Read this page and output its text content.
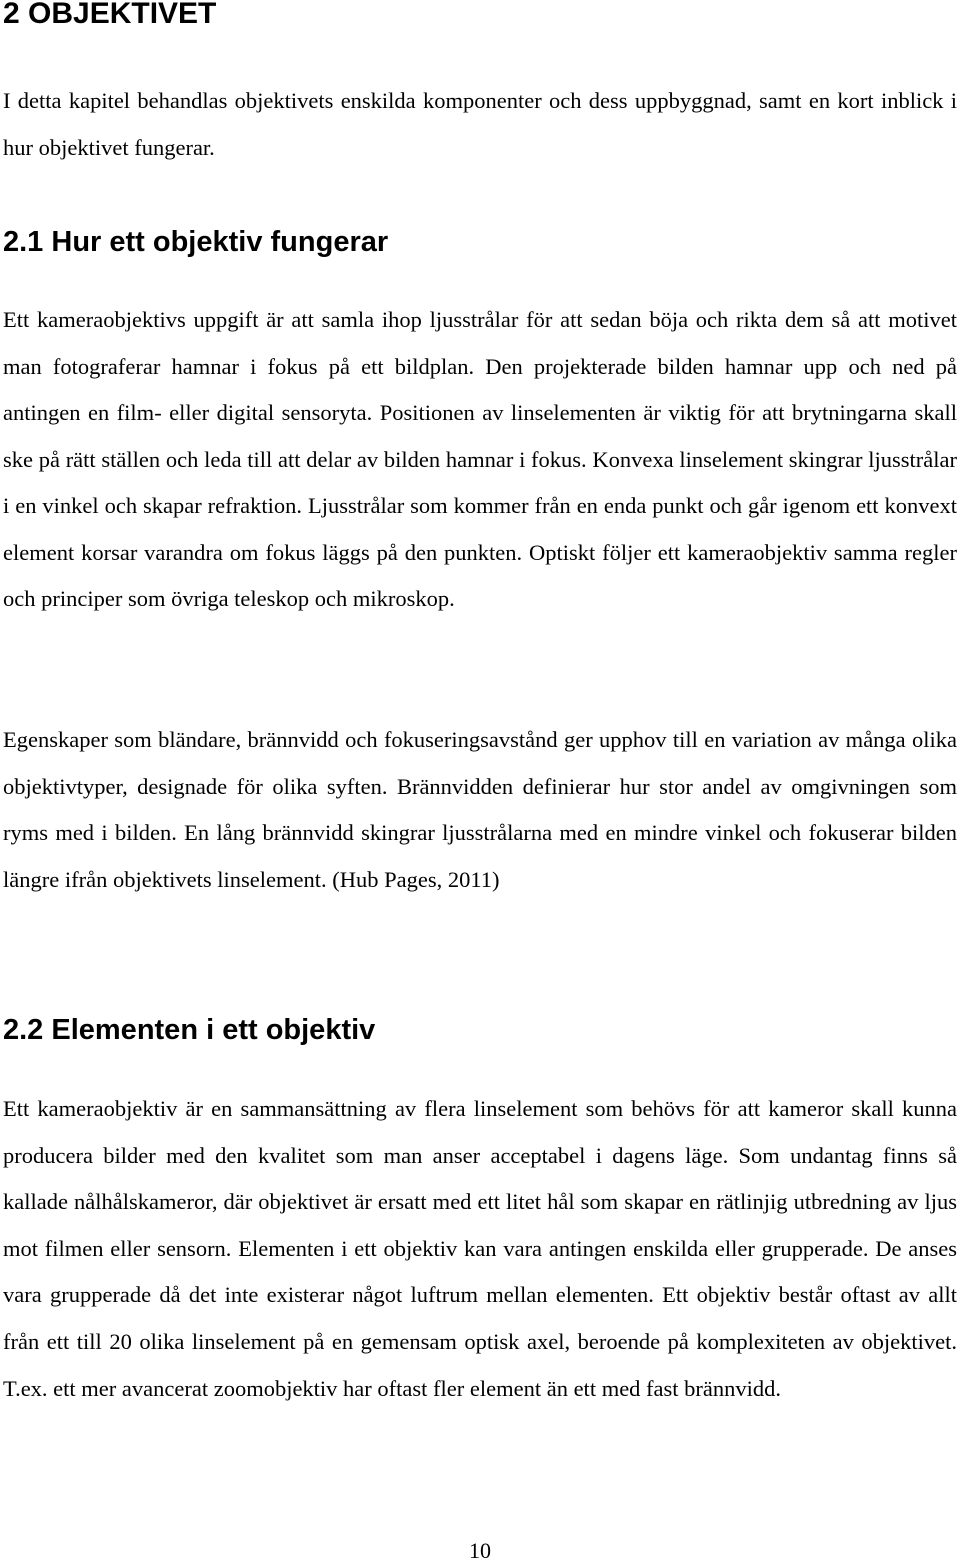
2 OBJEKTIVET

I detta kapitel behandlas objektivets enskilda komponenter och dess uppbyggnad, samt en kort inblick i hur objektivet fungerar.

2.1 Hur ett objektiv fungerar

Ett kameraobjektivs uppgift är att samla ihop ljusstrålar för att sedan böja och rikta dem så att motivet man fotograferar hamnar i fokus på ett bildplan. Den projekterade bilden hamnar upp och ned på antingen en film- eller digital sensoryta. Positionen av linselementen är viktig för att brytningarna skall ske på rätt ställen och leda till att delar av bilden hamnar i fokus. Konvexa linselement skingrar ljusstrålar i en vinkel och skapar refraktion. Ljusstrålar som kommer från en enda punkt och går igenom ett konvext element korsar varandra om fokus läggs på den punkten. Optiskt följer ett kameraobjektiv samma regler och principer som övriga teleskop och mikroskop.

Egenskaper som bländare, brännvidd och fokuseringsavstånd ger upphov till en variation av många olika objektivtyper, designade för olika syften. Brännvidden definierar hur stor andel av omgivningen som ryms med i bilden. En lång brännvidd skingrar ljusstrålarna med en mindre vinkel och fokuserar bilden längre ifrån objektivets linselement. (Hub Pages, 2011)

2.2 Elementen i ett objektiv

Ett kameraobjektiv är en sammansättning av flera linselement som behövs för att kameror skall kunna producera bilder med den kvalitet som man anser acceptabel i dagens läge. Som undantag finns så kallade nålhålskameror, där objektivet är ersatt med ett litet hål som skapar en rätlinjig utbredning av ljus mot filmen eller sensorn. Elementen i ett objektiv kan vara antingen enskilda eller grupperade. De anses vara grupperade då det inte existerar något luftrum mellan elementen. Ett objektiv består oftast av allt från ett till 20 olika linselement på en gemensam optisk axel, beroende på komplexiteten av objektivet. T.ex. ett mer avancerat zoomobjektiv har oftast fler element än ett med fast brännvidd.

10
